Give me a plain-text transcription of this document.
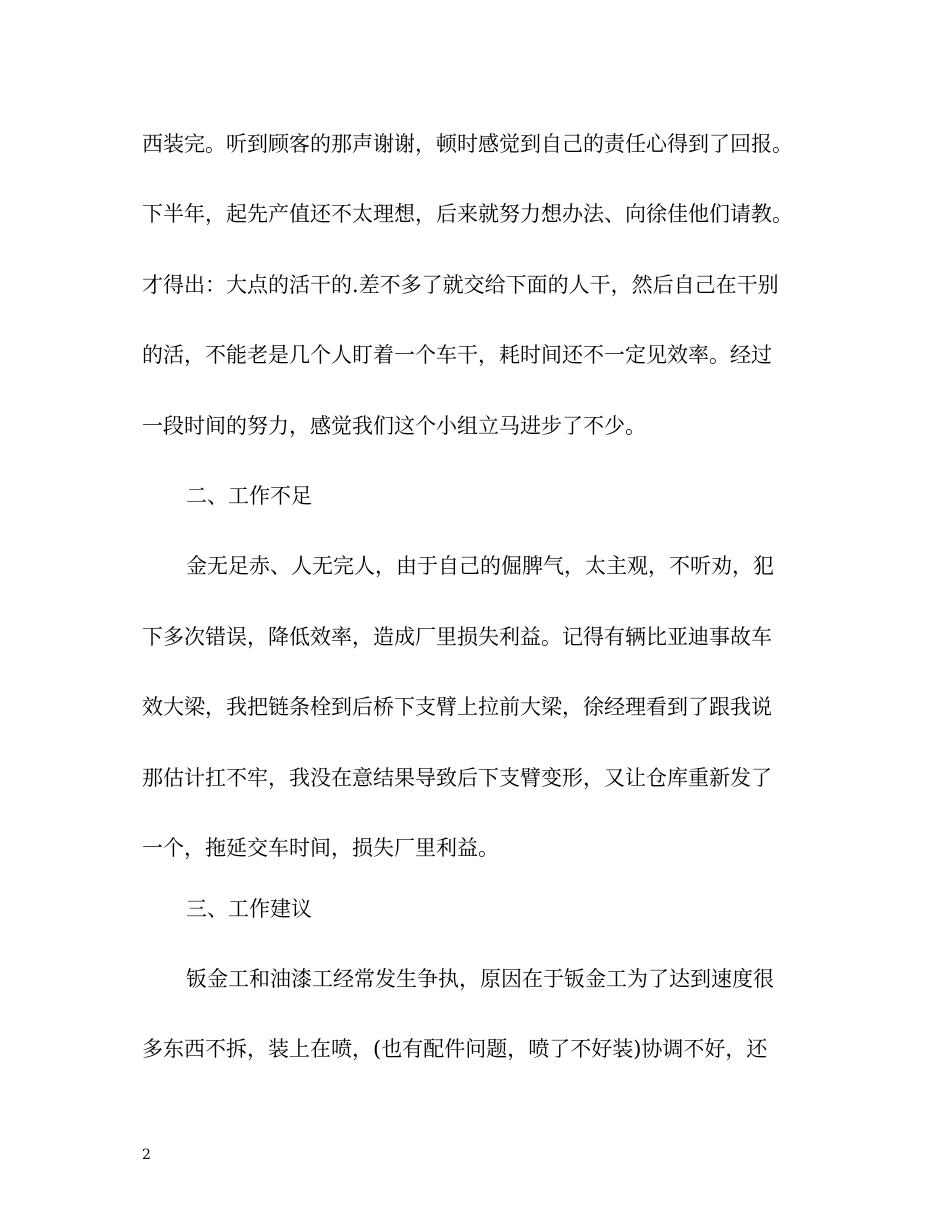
西装完。听到顾客的那声谢谢，顿时感觉到自己的责任心得到了回报。
下半年，起先产值还不太理想，后来就努力想办法、向徐佳他们请教。
才得出：大点的活干的.差不多了就交给下面的人干，然后自己在干别
的活，不能老是几个人盯着一个车干，耗时间还不一定见效率。经过
一段时间的努力，感觉我们这个小组立马进步了不少。
二、工作不足
金无足赤、人无完人，由于自己的倔脾气，太主观，不听劝，犯
下多次错误，降低效率，造成厂里损失利益。记得有辆比亚迪事故车
效大梁，我把链条栓到后桥下支臂上拉前大梁，徐经理看到了跟我说
那估计扛不牢，我没在意结果导致后下支臂变形，又让仓库重新发了
一个，拖延交车时间，损失厂里利益。
三、工作建议
钣金工和油漆工经常发生争执，原因在于钣金工为了达到速度很
多东西不拆，装上在喷，(也有配件问题，喷了不好装)协调不好，还
2
